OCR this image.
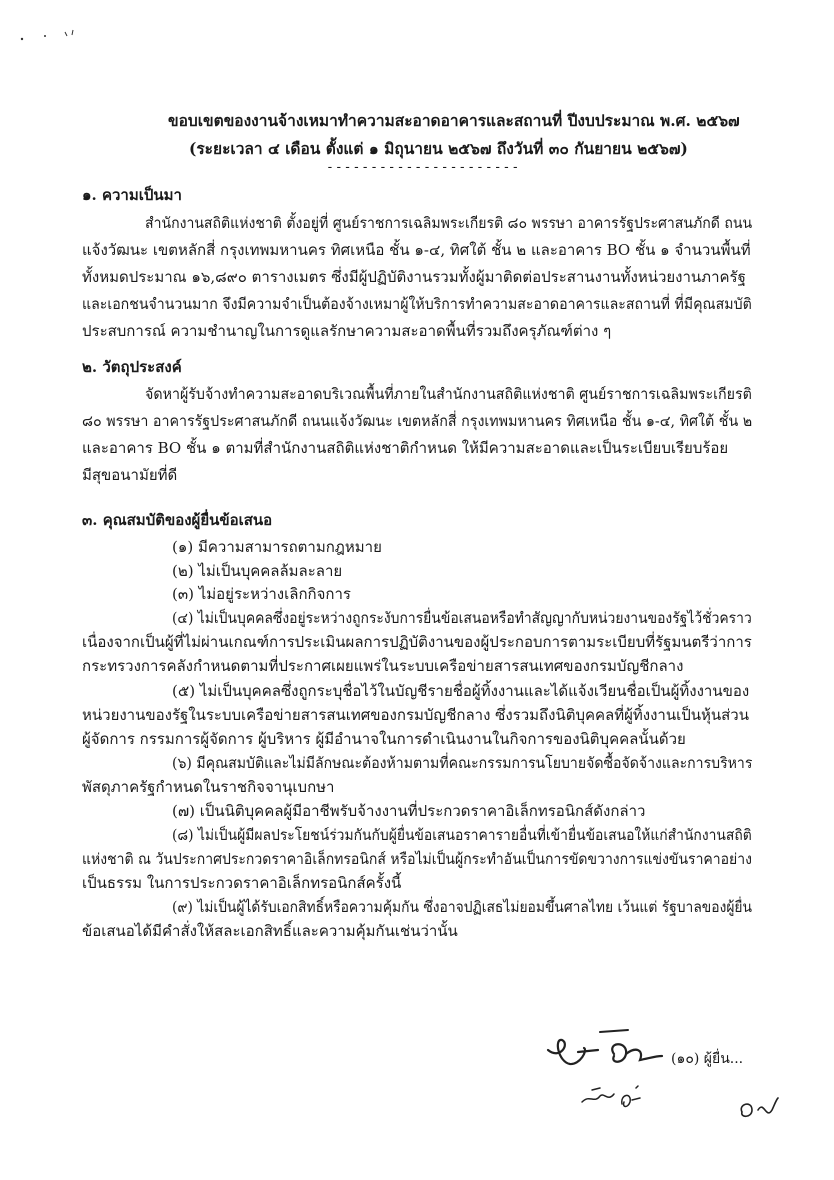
ขอบเขตของงานจ้างเหมาทำความสะอาดอาคารและสถานที่ ปีงบประมาณ พ.ศ. ๒๕๖๗
(ระยะเวลา ๔ เดือน ตั้งแต่ ๑ มิถุนายน ๒๕๖๗ ถึงวันที่ ๓๐ กันยายน ๒๕๖๗)
----------------------
๑. ความเป็นมา
สำนักงานสถิติแห่งชาติ ตั้งอยู่ที่ ศูนย์ราชการเฉลิมพระเกียรติ ๘๐ พรรษา อาคารรัฐประศาสนภักดี ถนน
แจ้งวัฒนะ เขตหลักสี่ กรุงเทพมหานคร ทิศเหนือ ชั้น ๑-๔, ทิศใต้ ชั้น ๒ และอาคาร BO ชั้น ๑ จำนวนพื้นที่
ทั้งหมดประมาณ ๑๖,๘๙๐ ตารางเมตร ซึ่งมีผู้ปฏิบัติงานรวมทั้งผู้มาติดต่อประสานงานทั้งหน่วยงานภาครัฐ
และเอกชนจำนวนมาก จึงมีความจำเป็นต้องจ้างเหมาผู้ให้บริการทำความสะอาดอาคารและสถานที่ ที่มีคุณสมบัติ
ประสบการณ์ ความชำนาญในการดูแลรักษาความสะอาดพื้นที่รวมถึงครุภัณฑ์ต่าง ๆ
๒. วัตถุประสงค์
จัดหาผู้รับจ้างทำความสะอาดบริเวณพื้นที่ภายในสำนักงานสถิติแห่งชาติ ศูนย์ราชการเฉลิมพระเกียรติ
๘๐ พรรษา อาคารรัฐประศาสนภักดี ถนนแจ้งวัฒนะ เขตหลักสี่ กรุงเทพมหานคร ทิศเหนือ ชั้น ๑-๔, ทิศใต้ ชั้น ๒
และอาคาร BO ชั้น ๑ ตามที่สำนักงานสถิติแห่งชาติกำหนด ให้มีความสะอาดและเป็นระเบียบเรียบร้อย
มีสุขอนามัยที่ดี
๓. คุณสมบัติของผู้ยื่นข้อเสนอ
(๑) มีความสามารถตามกฎหมาย
(๒) ไม่เป็นบุคคลล้มละลาย
(๓) ไม่อยู่ระหว่างเลิกกิจการ
(๔) ไม่เป็นบุคคลซึ่งอยู่ระหว่างถูกระงับการยื่นข้อเสนอหรือทำสัญญากับหน่วยงานของรัฐไว้ชั่วคราว
เนื่องจากเป็นผู้ที่ไม่ผ่านเกณฑ์การประเมินผลการปฏิบัติงานของผู้ประกอบการตามระเบียบที่รัฐมนตรีว่าการ
กระทรวงการคลังกำหนดตามที่ประกาศเผยแพร่ในระบบเครือข่ายสารสนเทศของกรมบัญชีกลาง
(๕) ไม่เป็นบุคคลซึ่งถูกระบุชื่อไว้ในบัญชีรายชื่อผู้ทิ้งงานและได้แจ้งเวียนชื่อเป็นผู้ทิ้งงานของ
หน่วยงานของรัฐในระบบเครือข่ายสารสนเทศของกรมบัญชีกลาง ซึ่งรวมถึงนิติบุคคลที่ผู้ทิ้งงานเป็นหุ้นส่วน
ผู้จัดการ กรรมการผู้จัดการ ผู้บริหาร ผู้มีอำนาจในการดำเนินงานในกิจการของนิติบุคคลนั้นด้วย
(๖) มีคุณสมบัติและไม่มีลักษณะต้องห้ามตามที่คณะกรรมการนโยบายจัดซื้อจัดจ้างและการบริหาร
พัสดุภาครัฐกำหนดในราชกิจจานุเบกษา
(๗) เป็นนิติบุคคลผู้มีอาชีพรับจ้างงานที่ประกวดราคาอิเล็กทรอนิกส์ดังกล่าว
(๘) ไม่เป็นผู้มีผลประโยชน์ร่วมกันกับผู้ยื่นข้อเสนอราคารายอื่นที่เข้ายื่นข้อเสนอให้แก่สำนักงานสถิติ
แห่งชาติ ณ วันประกาศประกวดราคาอิเล็กทรอนิกส์ หรือไม่เป็นผู้กระทำอันเป็นการขัดขวางการแข่งขันราคาอย่าง
เป็นธรรม ในการประกวดราคาอิเล็กทรอนิกส์ครั้งนี้
(๙) ไม่เป็นผู้ได้รับเอกสิทธิ์หรือความคุ้มกัน ซึ่งอาจปฏิเสธไม่ยอมขึ้นศาลไทย เว้นแต่ รัฐบาลของผู้ยื่น
ข้อเสนอได้มีคำสั่งให้สละเอกสิทธิ์และความคุ้มกันเช่นว่านั้น
(๑๐) ผู้ยื่น...
